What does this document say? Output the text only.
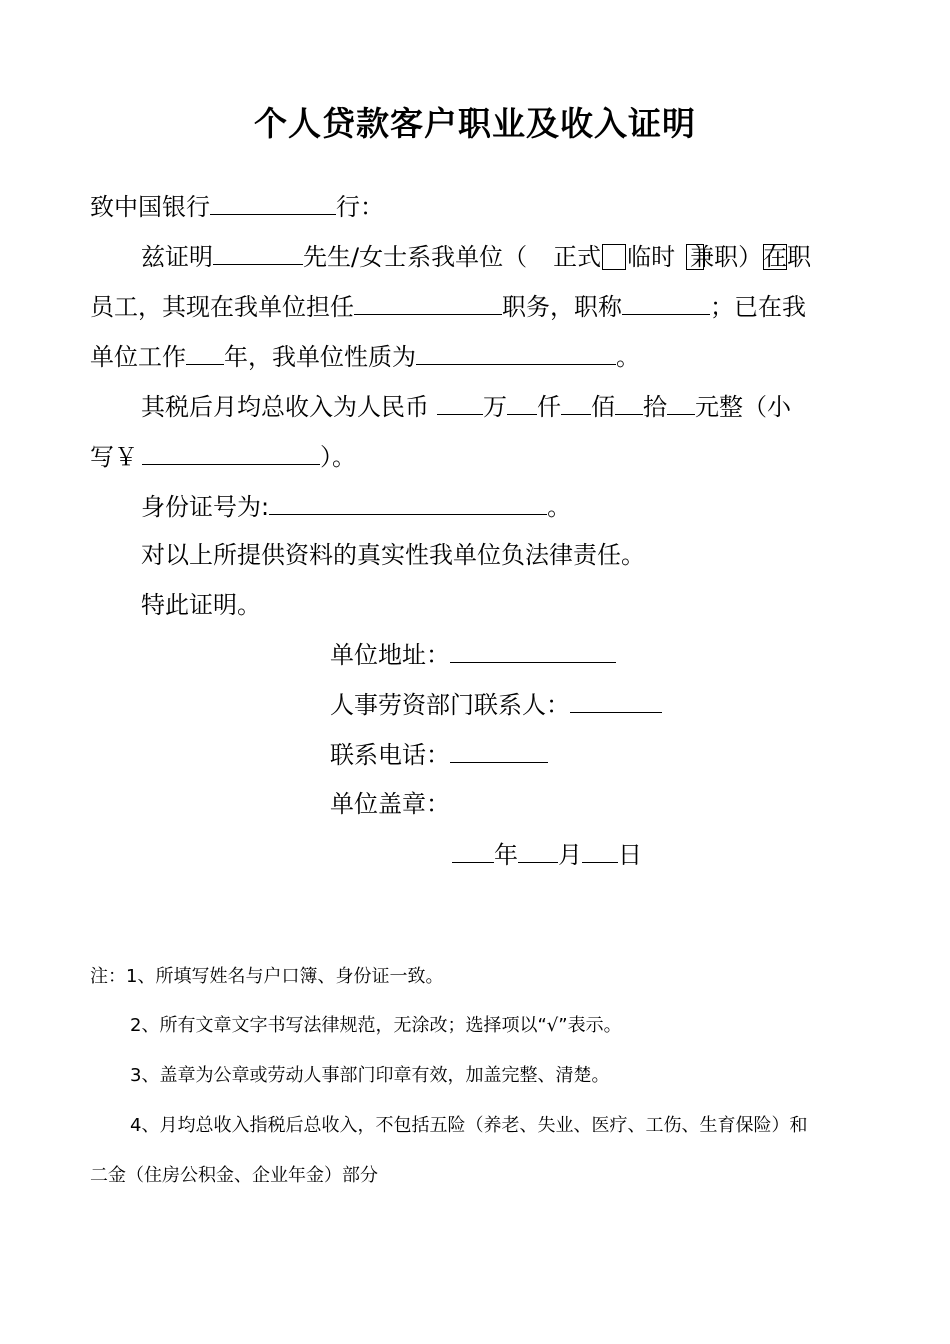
个人贷款客户职业及收入证明
致中国银行	行：
兹证明	先生/女士系我单位（ 正式 临时 兼职）在职
员工，其现在我单位担任	职务，职称	；已在我
单位工作 年，我单位性质为	。
其税后月均总收入为人民币 万 仟 佰 拾 元整（小
写￥	）。
身份证号为:	。
对以上所提供资料的真实性我单位负法律责任。
特此证明。
单位地址：
人事劳资部门联系人：
联系电话：
单位盖章：
年 月 日
注：1、所填写姓名与户口簿、身份证一致。
2、所有文章文字书写法律规范，无涂改；选择项以“√”表示。
3、盖章为公章或劳动人事部门印章有效，加盖完整、清楚。
4、月均总收入指税后总收入，不包括五险（养老、失业、医疗、工伤、生育保险）和
二金（住房公积金、企业年金）部分
